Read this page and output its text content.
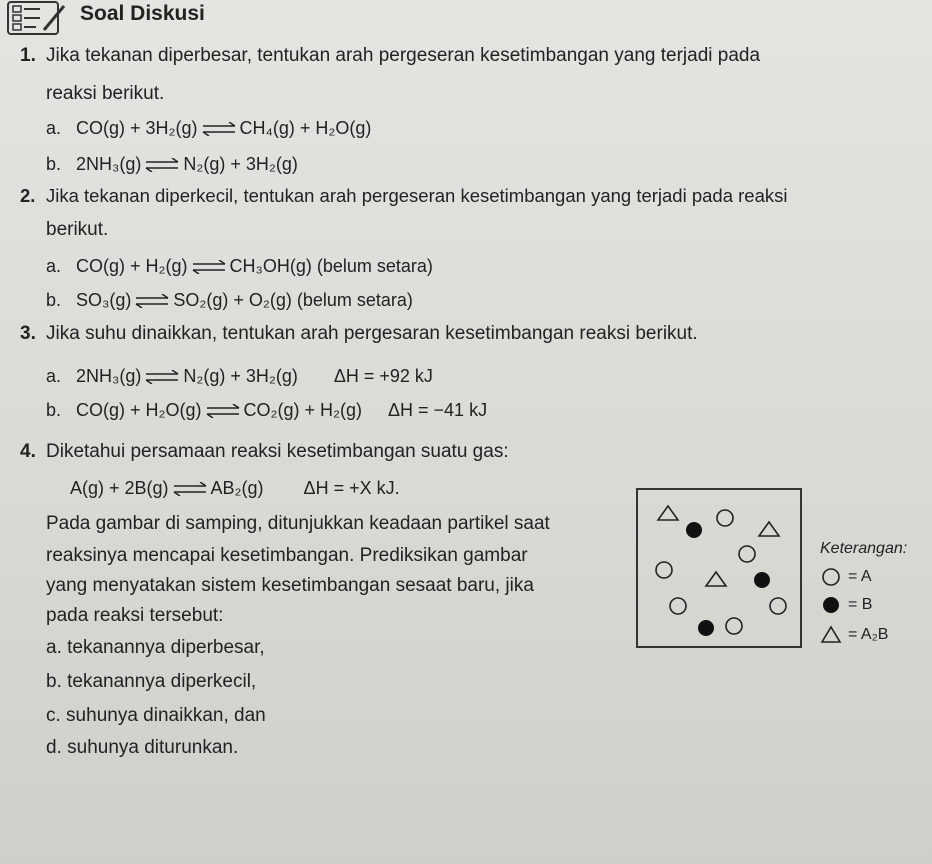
Soal Diskusi
1. Jika tekanan diperbesar, tentukan arah pergeseran kesetimbangan yang terjadi pada
reaksi berikut.
a. CO(g) + 3H₂(g) ⇌ CH₄(g) + H₂O(g)
b. 2NH₃(g) ⇌ N₂(g) + 3H₂(g)
2. Jika tekanan diperkecil, tentukan arah pergeseran kesetimbangan yang terjadi pada reaksi
berikut.
a. CO(g) + H₂(g) ⇌ CH₃OH(g) (belum setara)
b. SO₃(g) ⇌ SO₂(g) + O₂(g) (belum setara)
3. Jika suhu dinaikkan, tentukan arah pergesaran kesetimbangan reaksi berikut.
a. 2NH₃(g) ⇌ N₂(g) + 3H₂(g) ΔH = +92 kJ
b. CO(g) + H₂O(g) ⇌ CO₂(g) + H₂(g) ΔH = −41 kJ
4. Diketahui persamaan reaksi kesetimbangan suatu gas:
A(g) + 2B(g) ⇌ AB₂(g) ΔH = +X kJ.
Pada gambar di samping, ditunjukkan keadaan partikel saat
reaksinya mencapai kesetimbangan. Prediksikan gambar
yang menyatakan sistem kesetimbangan sesaat baru, jika
pada reaksi tersebut:
a. tekanannya diperbesar,
b. tekanannya diperkecil,
c. suhunya dinaikkan, dan
d. suhunya diturunkan.
Keterangan:
= A
= B
= A₂B
